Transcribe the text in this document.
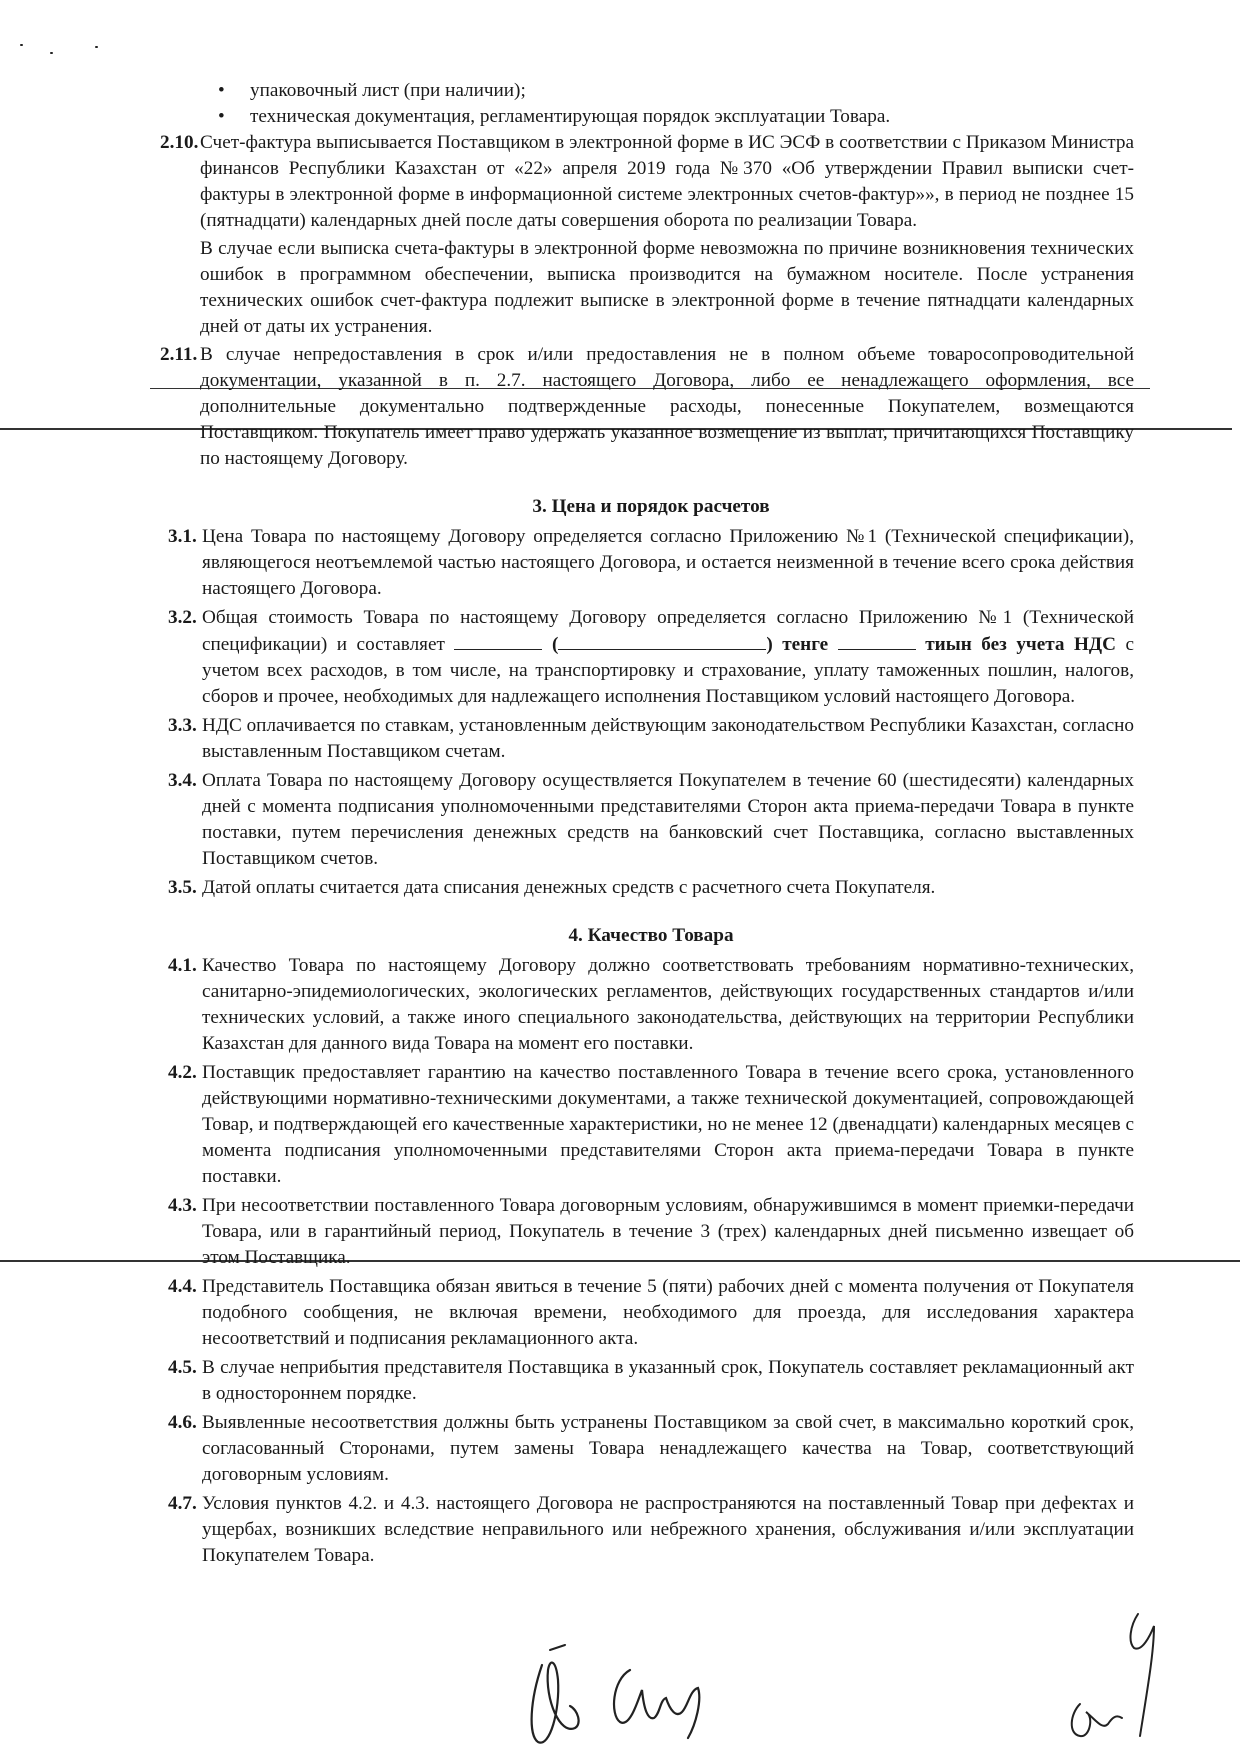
• упаковочный лист (при наличии);
• техническая документация, регламентирующая порядок эксплуатации Товара.
2.10. Счет-фактура выписывается Поставщиком в электронной форме в ИС ЭСФ в соответствии с Приказом Министра финансов Республики Казахстан от «22» апреля 2019 года №370 «Об утверждении Правил выписки счет-фактуры в электронной форме в информационной системе электронных счетов-фактур»», в период не позднее 15 (пятнадцати) календарных дней после даты совершения оборота по реализации Товара.

В случае если выписка счета-фактуры в электронной форме невозможна по причине возникновения технических ошибок в программном обеспечении, выписка производится на бумажном носителе. После устранения технических ошибок счет-фактура подлежит выписке в электронной форме в течение пятнадцати календарных дней от даты их устранения.

2.11. В случае непредоставления в срок и/или предоставления не в полном объеме товаросопроводительной документации, указанной в п. 2.7. настоящего Договора, либо ее ненадлежащего оформления, все дополнительные документально подтвержденные расходы, понесенные Покупателем, возмещаются Поставщиком. Покупатель имеет право удержать указанное возмещение из выплат, причитающихся Поставщику по настоящему Договору.

3. Цена и порядок расчетов
3.1. Цена Товара по настоящему Договору определяется согласно Приложению №1 (Технической спецификации), являющегося неотъемлемой частью настоящего Договора, и остается неизменной в течение всего срока действия настоящего Договора.
3.2. Общая стоимость Товара по настоящему Договору определяется согласно Приложению №1 (Технической спецификации) и составляет	(	) тенге	тиын без учета НДС с учетом всех расходов, в том числе, на транспортировку и страхование, уплату таможенных пошлин, налогов, сборов и прочее, необходимых для надлежащего исполнения Поставщиком условий настоящего Договора.
3.3. НДС оплачивается по ставкам, установленным действующим законодательством Республики Казахстан, согласно выставленным Поставщиком счетам.
3.4. Оплата Товара по настоящему Договору осуществляется Покупателем в течение 60 (шестидесяти) календарных дней с момента подписания уполномоченными представителями Сторон акта приема-передачи Товара в пункте поставки, путем перечисления денежных средств на банковский счет Поставщика, согласно выставленных Поставщиком счетов.
3.5. Датой оплаты считается дата списания денежных средств с расчетного счета Покупателя.
4. Качество Товара
4.1. Качество Товара по настоящему Договору должно соответствовать требованиям нормативно-технических, санитарно-эпидемиологических, экологических регламентов, действующих государственных стандартов и/или технических условий, а также иного специального законодательства, действующих на территории Республики Казахстан для данного вида Товара на момент его поставки.
4.2. Поставщик предоставляет гарантию на качество поставленного Товара в течение всего срока, установленного действующими нормативно-техническими документами, а также технической документацией, сопровождающей Товар, и подтверждающей его качественные характеристики, но не менее 12 (двенадцати) календарных месяцев с момента подписания уполномоченными представителями Сторон акта приема-передачи Товара в пункте поставки.
4.3. При несоответствии поставленного Товара договорным условиям, обнаружившимся в момент приемки-передачи Товара, или в гарантийный период, Покупатель в течение 3 (трех) календарных дней письменно извещает об этом Поставщика.
4.4. Представитель Поставщика обязан явиться в течение 5 (пяти) рабочих дней с момента получения от Покупателя подобного сообщения, не включая времени, необходимого для проезда, для исследования характера несоответствий и подписания рекламационного акта.
4.5. В случае неприбытия представителя Поставщика в указанный срок, Покупатель составляет рекламационный акт в одностороннем порядке.
4.6. Выявленные несоответствия должны быть устранены Поставщиком за свой счет, в максимально короткий срок, согласованный Сторонами, путем замены Товара ненадлежащего качества на Товар, соответствующий договорным условиям.
4.7. Условия пунктов 4.2. и 4.3. настоящего Договора не распространяются на поставленный Товар при дефектах и ущербах, возникших вследствие неправильного или небрежного хранения, обслуживания и/или эксплуатации Покупателем Товара.
